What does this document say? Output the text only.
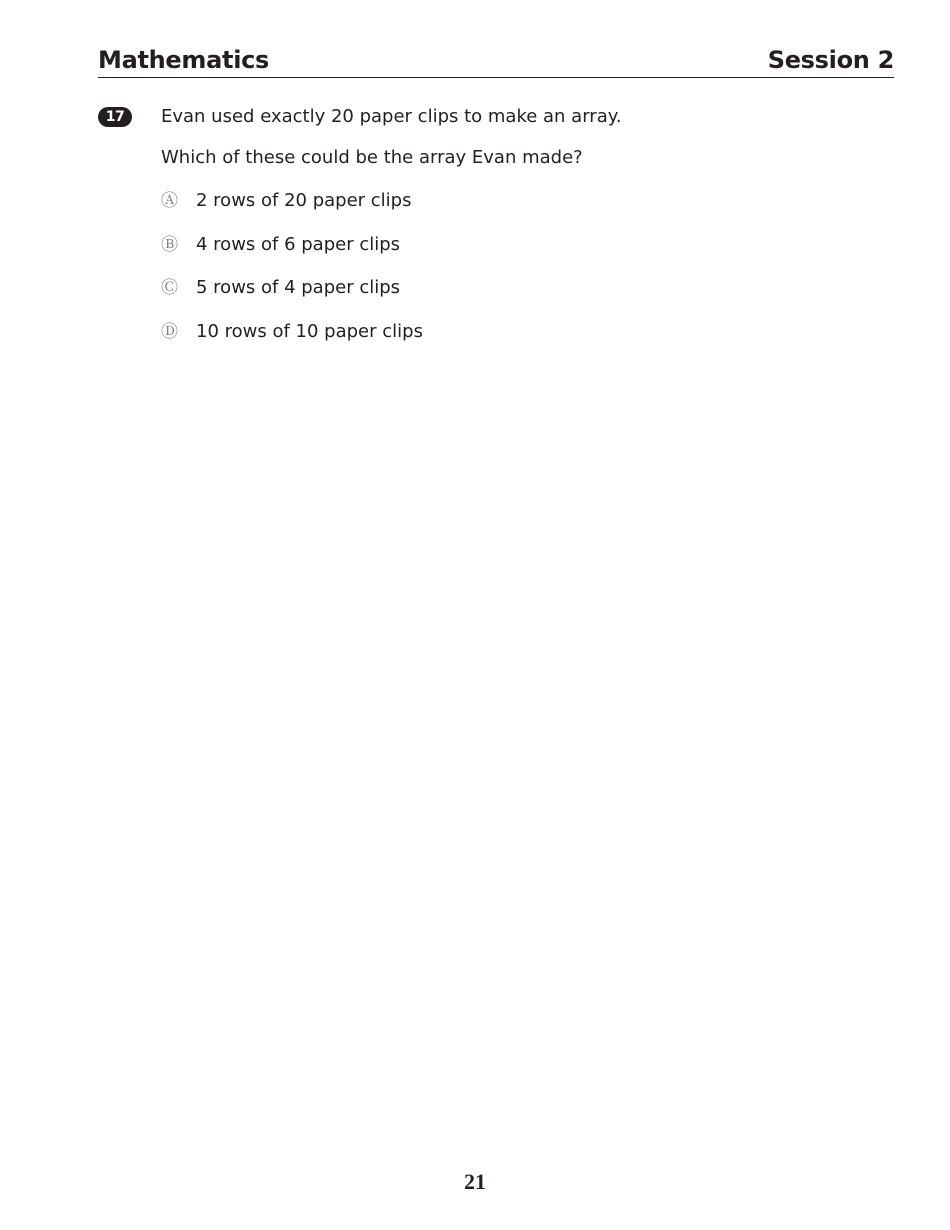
Mathematics	Session 2
17	Evan used exactly 20 paper clips to make an array.
Which of these could be the array Evan made?
Ⓐ 2 rows of 20 paper clips
Ⓑ 4 rows of 6 paper clips
Ⓒ 5 rows of 4 paper clips
Ⓓ 10 rows of 10 paper clips
21
